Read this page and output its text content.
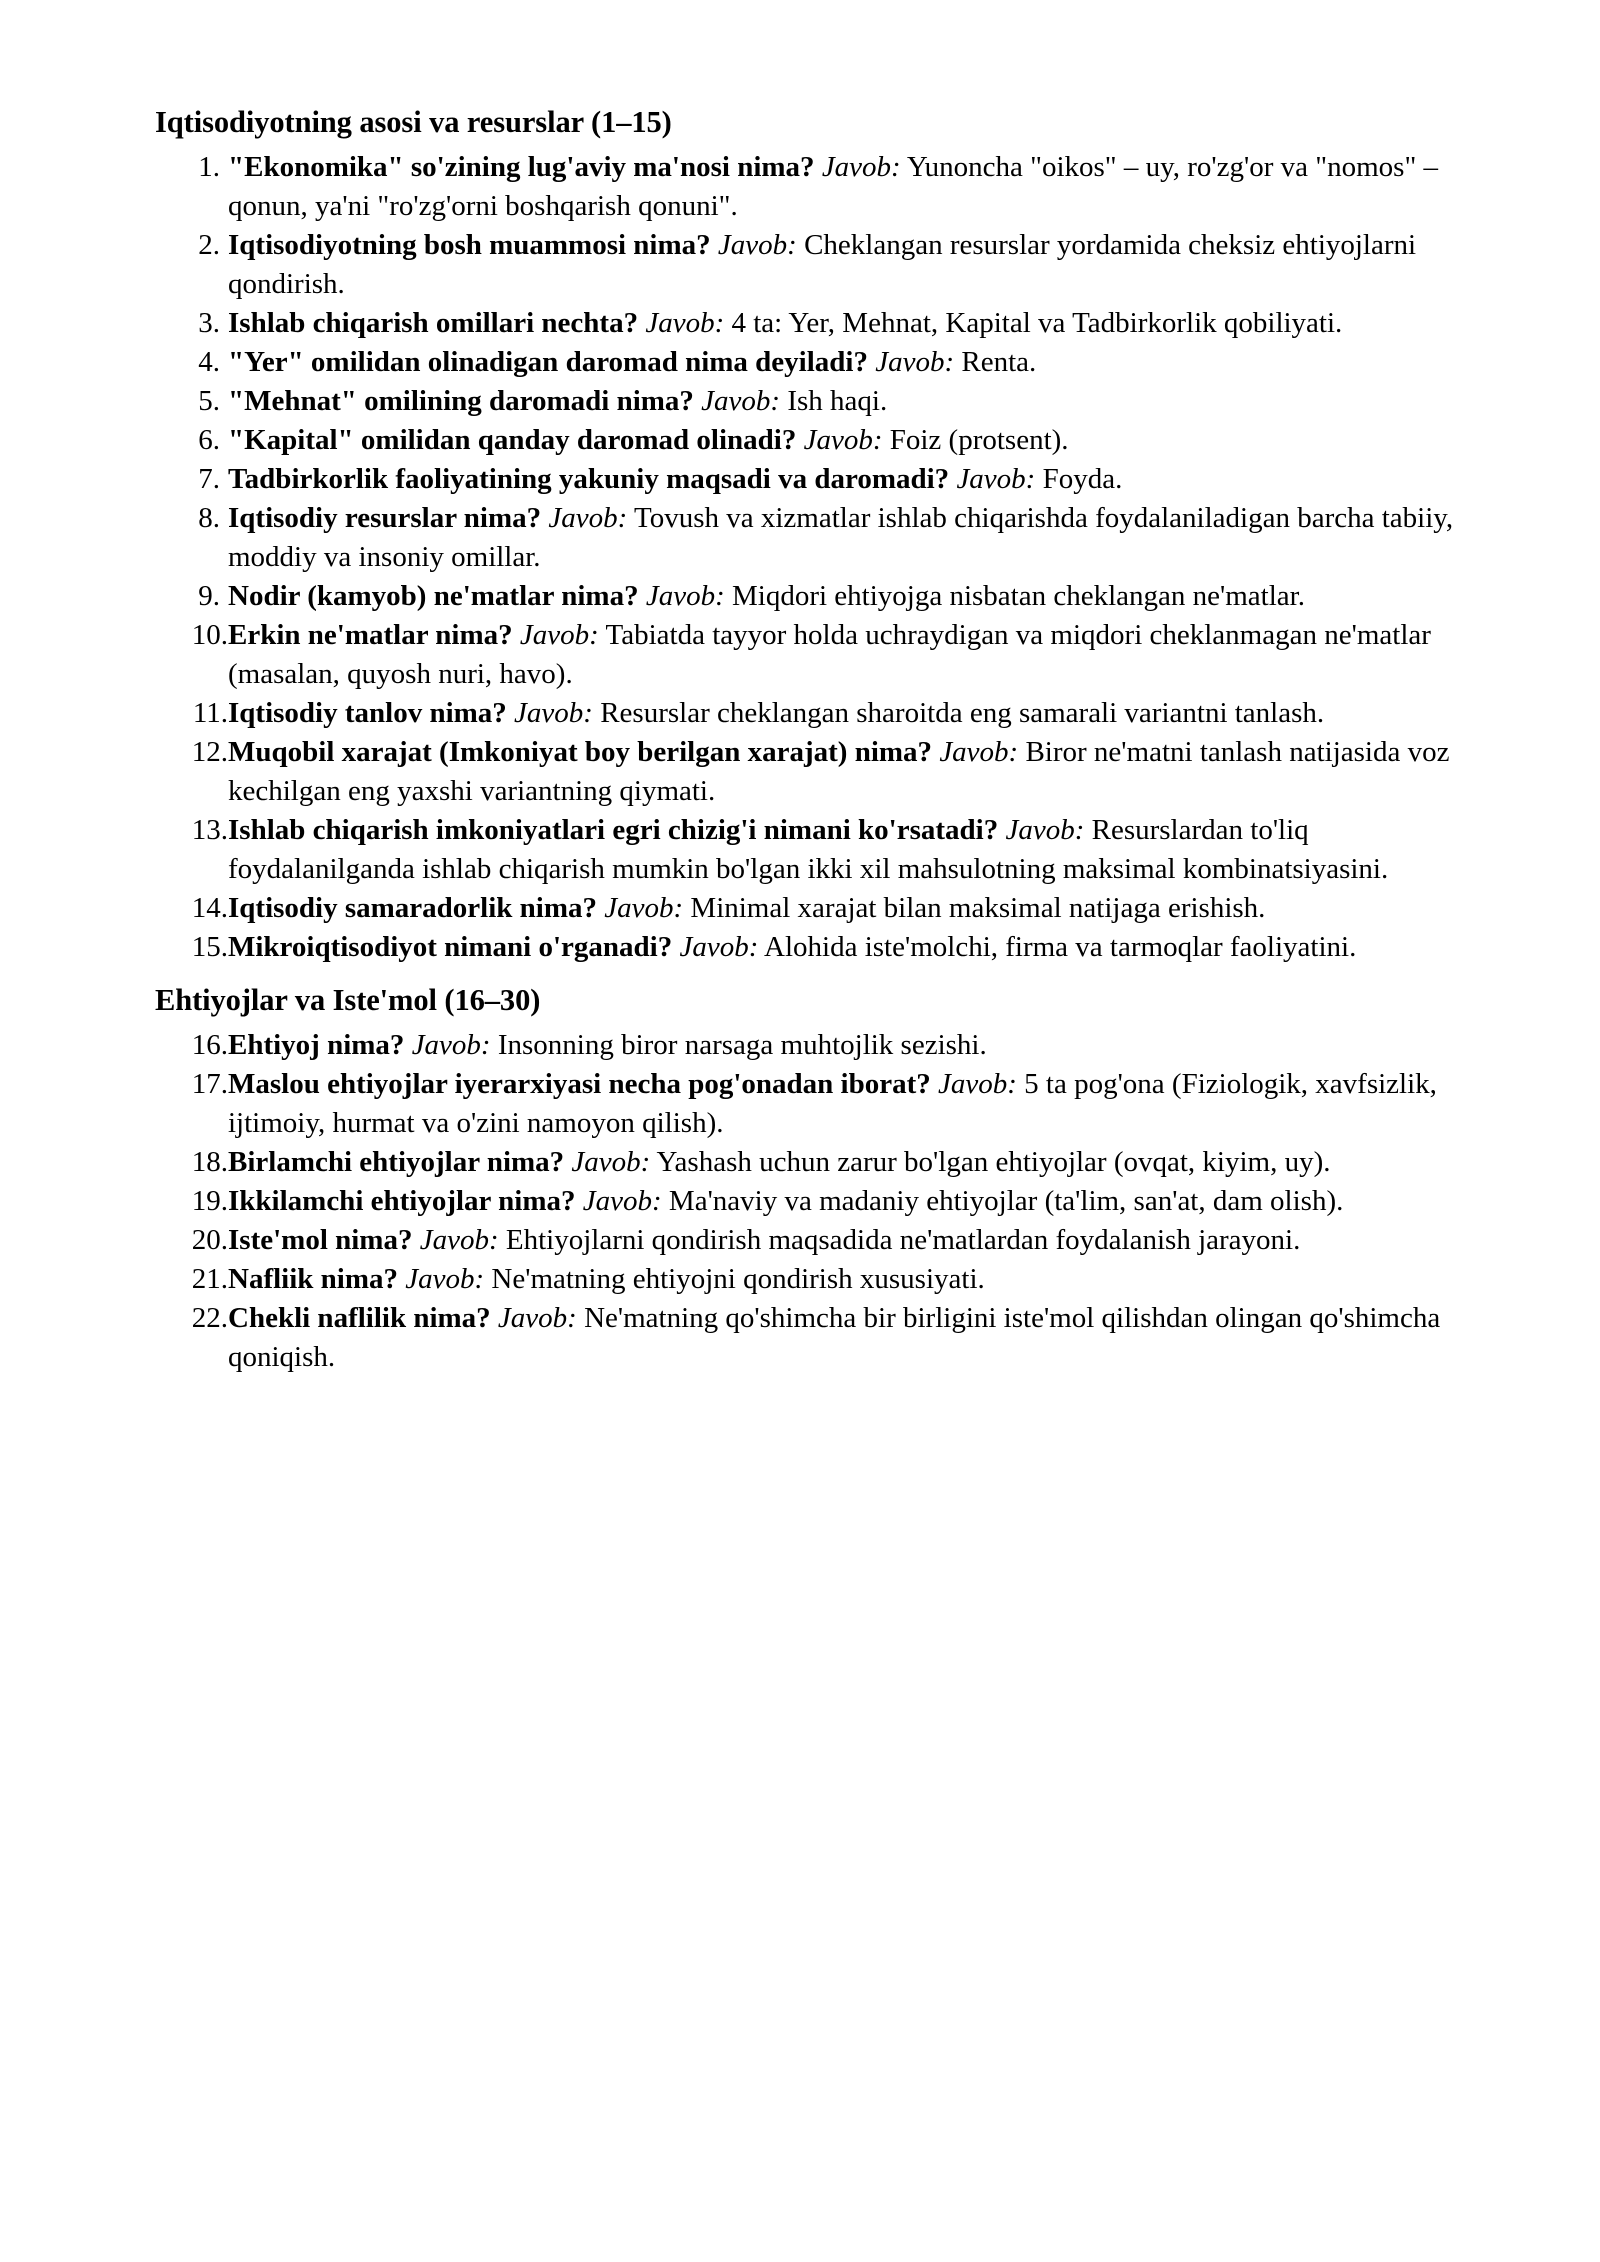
Iqtisodiyotning asosi va resurslar (1–15)
1. "Ekonomika" so'zining lug'aviy ma'nosi nima? Javob: Yunoncha "oikos" – uy, ro'zg'or va "nomos" – qonun, ya'ni "ro'zg'orni boshqarish qonuni".
2. Iqtisodiyotning bosh muammosi nima? Javob: Cheklangan resurslar yordamida cheksiz ehtiyojlarni qondirish.
3. Ishlab chiqarish omillari nechta? Javob: 4 ta: Yer, Mehnat, Kapital va Tadbirkorlik qobiliyati.
4. "Yer" omilidan olinadigan daromad nima deyiladi? Javob: Renta.
5. "Mehnat" omilining daromadi nima? Javob: Ish haqi.
6. "Kapital" omilidan qanday daromad olinadi? Javob: Foiz (protsent).
7. Tadbirkorlik faoliyatining yakuniy maqsadi va daromadi? Javob: Foyda.
8. Iqtisodiy resurslar nima? Javob: Tovush va xizmatlar ishlab chiqarishda foydalaniladigan barcha tabiiy, moddiy va insoniy omillar.
9. Nodir (kamyob) ne'matlar nima? Javob: Miqdori ehtiyojga nisbatan cheklangan ne'matlar.
10. Erkin ne'matlar nima? Javob: Tabiatda tayyor holda uchraydigan va miqdori cheklanmagan ne'matlar (masalan, quyosh nuri, havo).
11. Iqtisodiy tanlov nima? Javob: Resurslar cheklangan sharoitda eng samarali variantni tanlash.
12. Muqobil xarajat (Imkoniyat boy berilgan xarajat) nima? Javob: Biror ne'matni tanlash natijasida voz kechilgan eng yaxshi variantning qiymati.
13. Ishlab chiqarish imkoniyatlari egri chizig'i nimani ko'rsatadi? Javob: Resurslardan to'liq foydalanilganda ishlab chiqarish mumkin bo'lgan ikki xil mahsulotning maksimal kombinatsiyasini.
14. Iqtisodiy samaradorlik nima? Javob: Minimal xarajat bilan maksimal natijaga erishish.
15. Mikroiqtisodiyot nimani o'rganadi? Javob: Alohida iste'molchi, firma va tarmoqlar faoliyatini.
Ehtiyojlar va Iste'mol (16–30)
16. Ehtiyoj nima? Javob: Insonning biror narsaga muhtojlik sezishi.
17. Maslou ehtiyojlar iyerarxiyasi necha pog'onadan iborat? Javob: 5 ta pog'ona (Fiziologik, xavfsizlik, ijtimoiy, hurmat va o'zini namoyon qilish).
18. Birlamchi ehtiyojlar nima? Javob: Yashash uchun zarur bo'lgan ehtiyojlar (ovqat, kiyim, uy).
19. Ikkilamchi ehtiyojlar nima? Javob: Ma'naviy va madaniy ehtiyojlar (ta'lim, san'at, dam olish).
20. Iste'mol nima? Javob: Ehtiyojlarni qondirish maqsadida ne'matlardan foydalanish jarayoni.
21. Nafliik nima? Javob: Ne'matning ehtiyojni qondirish xususiyati.
22. Chekli naflilik nima? Javob: Ne'matning qo'shimcha bir birligini iste'mol qilishdan olingan qo'shimcha qoniqish.
